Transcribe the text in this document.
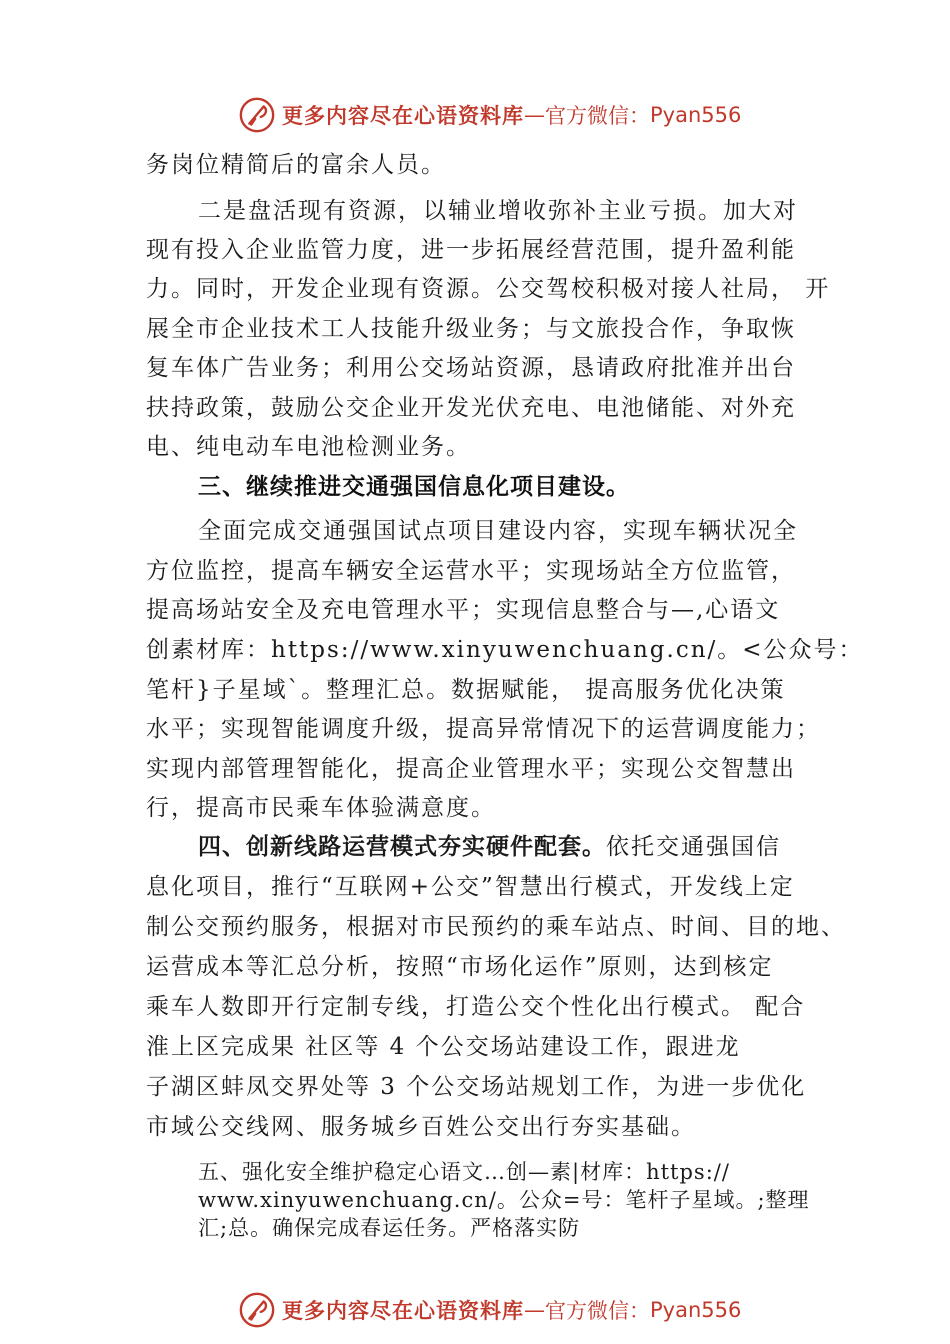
更多内容尽在心语资料库 — 官方微信： Pyan556

务岗位精简后的富余人员。

二是盘活现有资源，以辅业增收弥补主业亏损。加大对

现有投入企业监管力度，进一步拓展经营范围，提升盈利能

力。同时，开发企业现有资源。公交驾校积极对接人社局， 开

展全市企业技术工人技能升级业务；与文旅投合作，争取恢

复车体广告业务；利用公交场站资源，恳请政府批准并出台

扶持政策，鼓励公交企业开发光伏充电、电池储能、对外充

电、纯电动车电池检测业务。

三、继续推进交通强国信息化项目建设。

全面完成交通强国试点项目建设内容，实现车辆状况全

方位监控，提高车辆安全运营水平；实现场站全方位监管，

提高场站安全及充电管理水平；实现信息整合与—,心语文

创素材库：https://www.xinyuwenchuang.cn/。<公众号：

笔杆}子星域`。整理汇总。数据赋能， 提高服务优化决策

水平；实现智能调度升级，提高异常情况下的运营调度能力；

实现内部管理智能化，提高企业管理水平；实现公交智慧出

行，提高市民乘车体验满意度。

四、创新线路运营模式夯实硬件配套。依托交通强国信

息化项目，推行“互联网+公交”智慧出行模式，开发线上定

制公交预约服务，根据对市民预约的乘车站点、时间、目的地、

运营成本等汇总分析，按照“市场化运作”原则，达到核定

乘车人数即开行定制专线，打造公交个性化出行模式。 配合

淮上区完成果 社区等 4 个公交场站建设工作，跟进龙

子湖区蚌凤交界处等 3 个公交场站规划工作，为进一步优化

市域公交线网、服务城乡百姓公交出行夯实基础。

五、强化安全维护稳定心语文…创—素|材库：https://

www.xinyuwenchuang.cn/。公众=号：笔杆子星域。;整理

汇;总。确保完成春运任务。严格落实防

更多内容尽在心语资料库 — 官方微信： Pyan556
